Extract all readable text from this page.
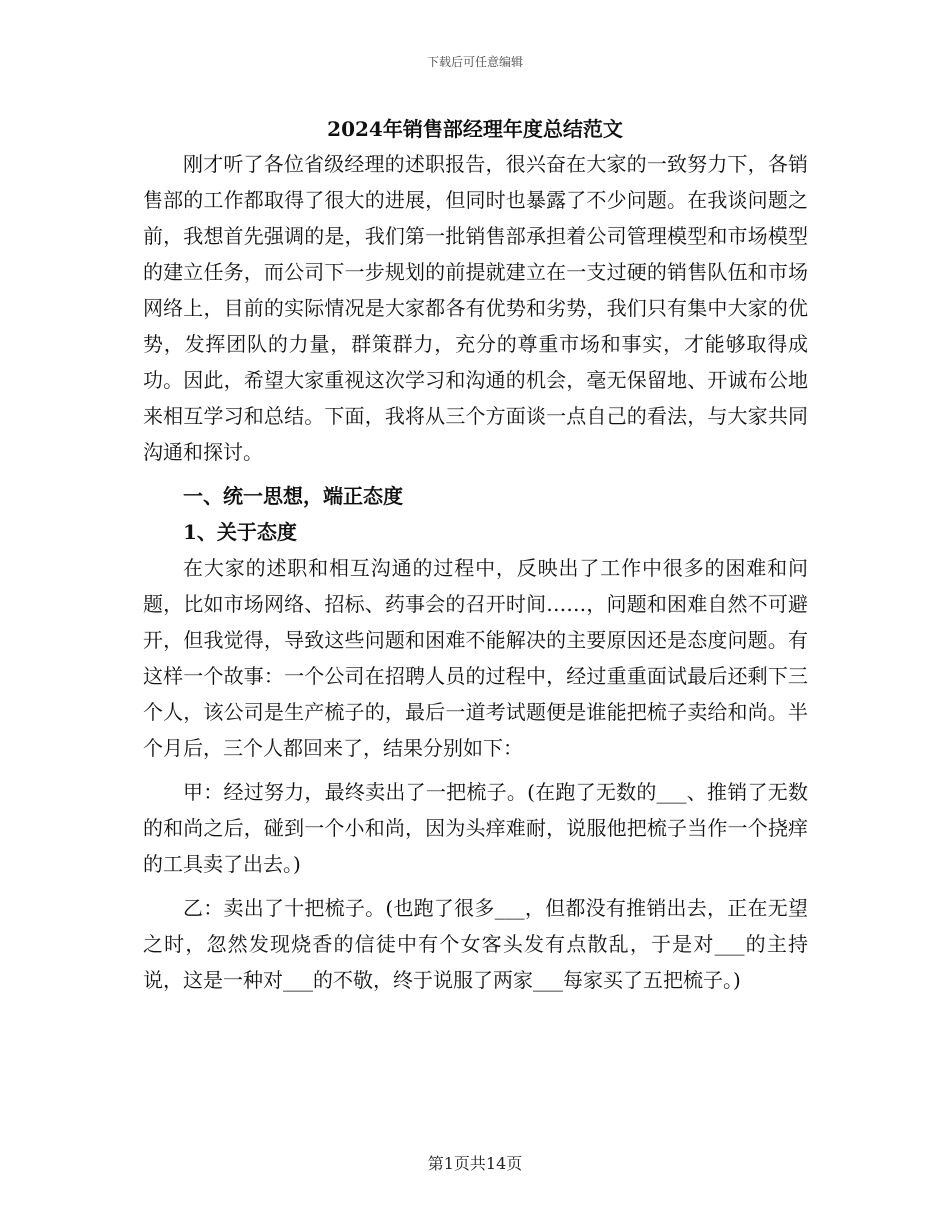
下载后可任意编辑
2024年销售部经理年度总结范文

刚才听了各位省级经理的述职报告，很兴奋在大家的一致努力下，各销售部的工作都取得了很大的进展，但同时也暴露了不少问题。在我谈问题之前，我想首先强调的是，我们第一批销售部承担着公司管理模型和市场模型的建立任务，而公司下一步规划的前提就建立在一支过硬的销售队伍和市场网络上，目前的实际情况是大家都各有优势和劣势，我们只有集中大家的优势，发挥团队的力量，群策群力，充分的尊重市场和事实，才能够取得成功。因此，希望大家重视这次学习和沟通的机会，毫无保留地、开诚布公地来相互学习和总结。下面，我将从三个方面谈一点自己的看法，与大家共同沟通和探讨。

一、统一思想，端正态度

1、关于态度

在大家的述职和相互沟通的过程中，反映出了工作中很多的困难和问题，比如市场网络、招标、药事会的召开时间……，问题和困难自然不可避开，但我觉得，导致这些问题和困难不能解决的主要原因还是态度问题。有这样一个故事：一个公司在招聘人员的过程中，经过重重面试最后还剩下三个人，该公司是生产梳子的，最后一道考试题便是谁能把梳子卖给和尚。半个月后，三个人都回来了，结果分别如下：

甲：经过努力，最终卖出了一把梳子。(在跑了无数的___、推销了无数的和尚之后，碰到一个小和尚，因为头痒难耐，说服他把梳子当作一个挠痒的工具卖了出去。)

乙：卖出了十把梳子。(也跑了很多___，但都没有推销出去，正在无望之时，忽然发现烧香的信徒中有个女客头发有点散乱，于是对___的主持说，这是一种对___的不敬，终于说服了两家___每家买了五把梳子。)

第1页共14页
